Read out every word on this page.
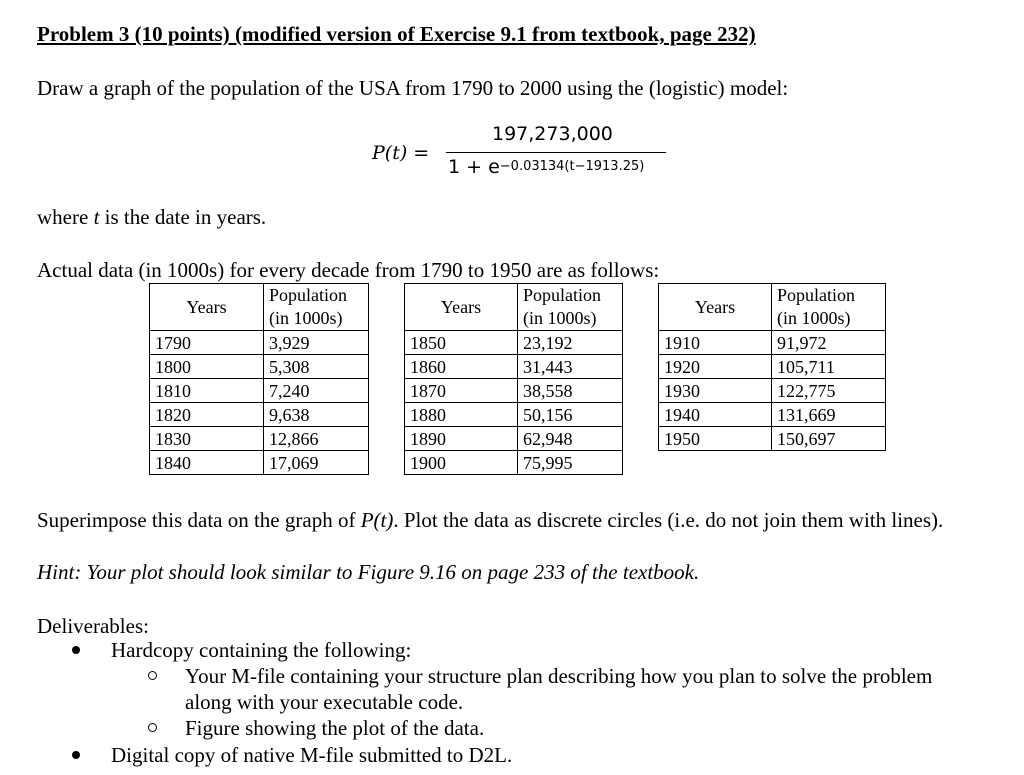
Problem 3 (10 points) (modified version of Exercise 9.1 from textbook, page 232)
Draw a graph of the population of the USA from 1790 to 2000 using the (logistic) model:
P(t) =
197,273,000
$1 + e^{-0.03134(t-1913.25)}$
where t is the date in years.
Actual data (in 1000s) for every decade from 1790 to 1950 are as follows:
Years	Population
(in 1000s)
1790	3,929
1800	5,308
1810	7,240
1820	9,638
1830	12,866
1840	17,069
Years	Population
(in 1000s)
1850	23,192
1860	31,443
1870	38,558
1880	50,156
1890	62,948
1900	75,995
Years	Population
(in 1000s)
1910	91,972
1920	105,711
1930	122,775
1940	131,669
1950	150,697
Superimpose this data on the graph of P(t). Plot the data as discrete circles (i.e. do not join them with lines).
Hint: Your plot should look similar to Figure 9.16 on page 233 of the textbook.
Deliverables:
Hardcopy containing the following:
Your M-file containing your structure plan describing how you plan to solve the problem
along with your executable code.
Figure showing the plot of the data.
Digital copy of native M-file submitted to D2L.
